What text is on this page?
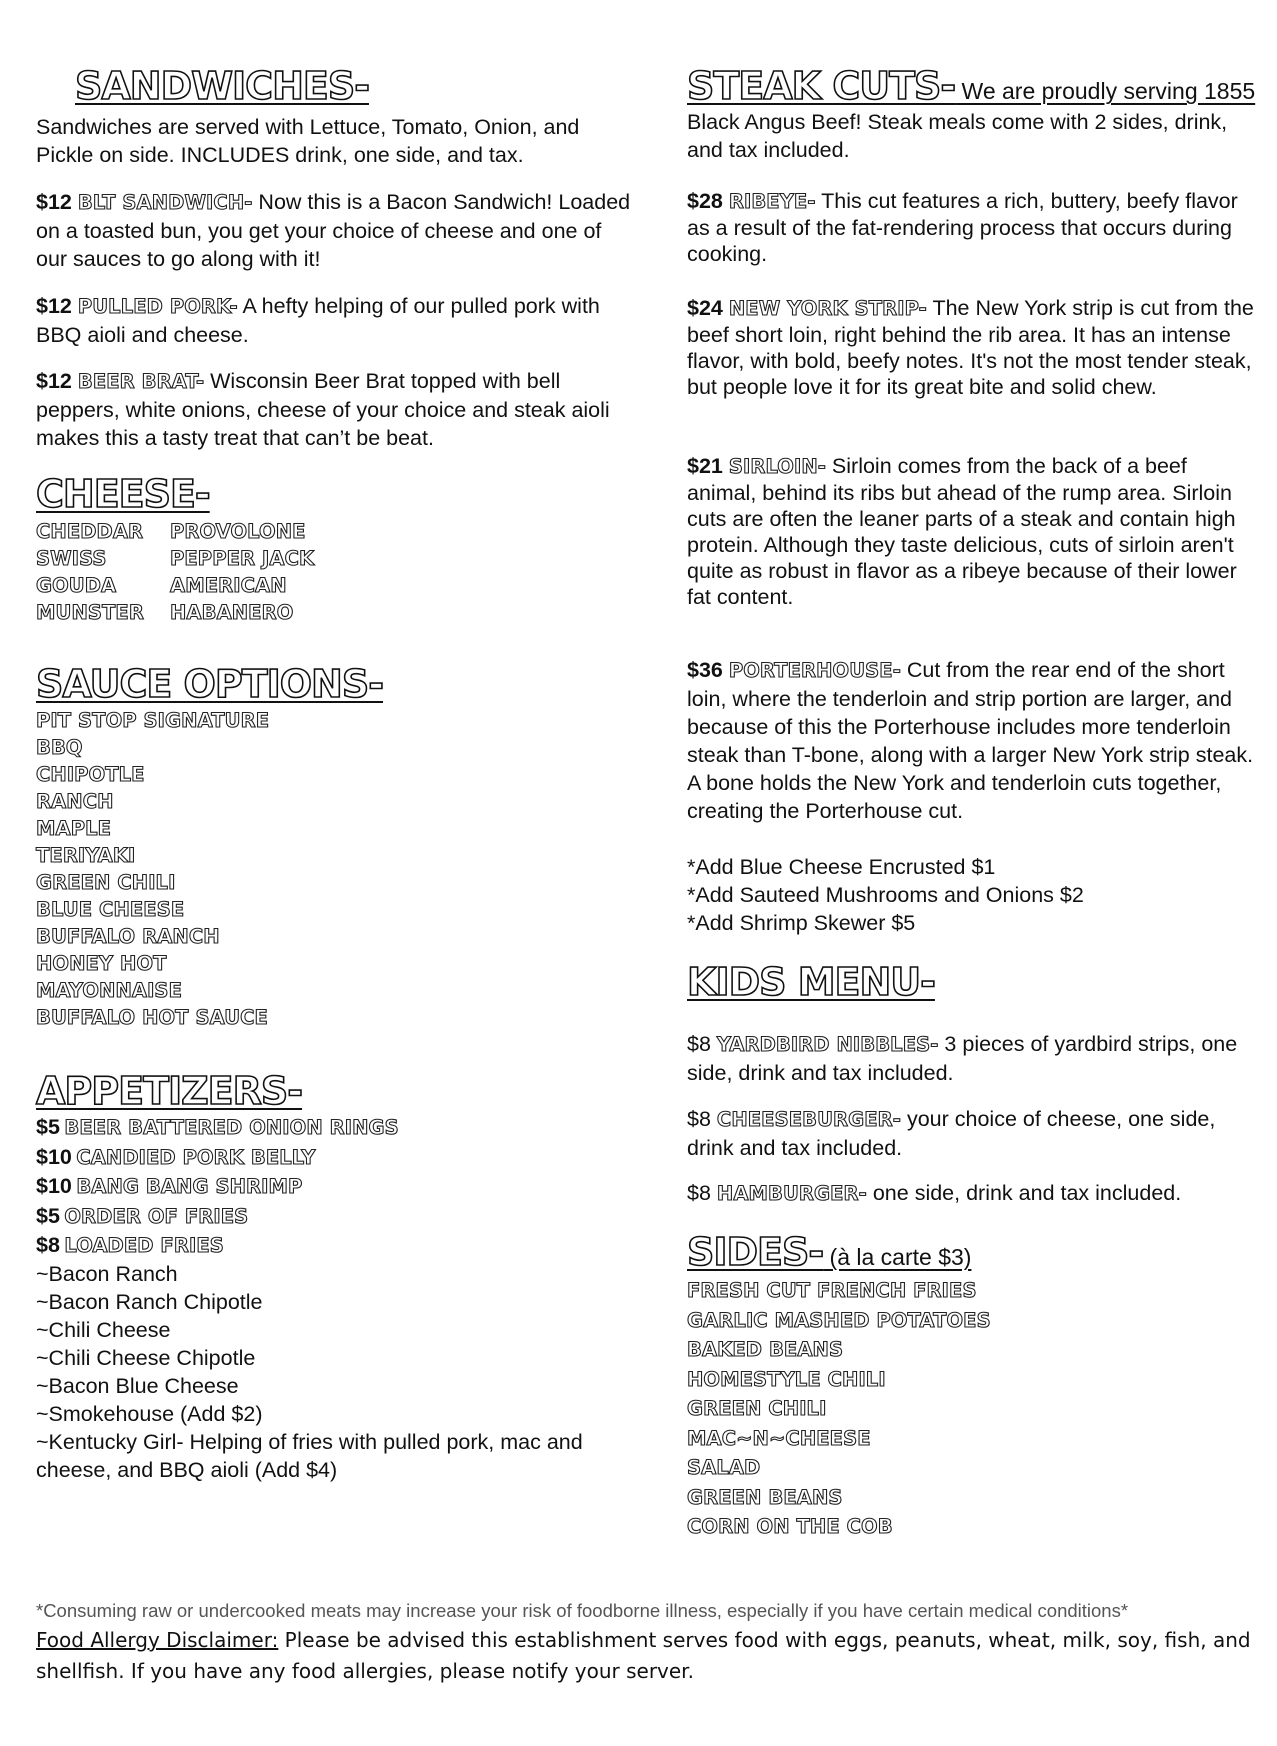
SANDWICHES-
Sandwiches are served with Lettuce, Tomato, Onion, and Pickle on side. INCLUDES drink, one side, and tax.
$12 BLT SANDWICH- Now this is a Bacon Sandwich! Loaded on a toasted bun, you get your choice of cheese and one of our sauces to go along with it!
$12 PULLED PORK- A hefty helping of our pulled pork with BBQ aioli and cheese.
$12 BEER BRAT- Wisconsin Beer Brat topped with bell peppers, white onions, cheese of your choice and steak aioli makes this a tasty treat that can’t be beat.
CHEESE-
CHEDDAR
SWISS
GOUDA
MUNSTER
PROVOLONE
PEPPER JACK
AMERICAN
HABANERO
SAUCE OPTIONS-
PIT STOP SIGNATURE
BBQ
CHIPOTLE
RANCH
MAPLE
TERIYAKI
GREEN CHILI
BLUE CHEESE
BUFFALO RANCH
HONEY HOT
MAYONNAISE
BUFFALO HOT SAUCE
APPETIZERS-
$5 BEER BATTERED ONION RINGS
$10 CANDIED PORK BELLY
$10 BANG BANG SHRIMP
$5 ORDER OF FRIES
$8 LOADED FRIES
~Bacon Ranch
~Bacon Ranch Chipotle
~Chili Cheese
~Chili Cheese Chipotle
~Bacon Blue Cheese
~Smokehouse (Add $2)
~Kentucky Girl- Helping of fries with pulled pork, mac and cheese, and BBQ aioli (Add $4)
STEAK CUTS- We are proudly serving 1855
Black Angus Beef! Steak meals come with 2 sides, drink, and tax included.
$28 RIBEYE- This cut features a rich, buttery, beefy flavor as a result of the fat-rendering process that occurs during cooking.
$24 NEW YORK STRIP- The New York strip is cut from the beef short loin, right behind the rib area. It has an intense flavor, with bold, beefy notes. It's not the most tender steak, but people love it for its great bite and solid chew.
$21 SIRLOIN- Sirloin comes from the back of a beef animal, behind its ribs but ahead of the rump area. Sirloin cuts are often the leaner parts of a steak and contain high protein. Although they taste delicious, cuts of sirloin aren't quite as robust in flavor as a ribeye because of their lower fat content.
$36 PORTERHOUSE- Cut from the rear end of the short loin, where the tenderloin and strip portion are larger, and because of this the Porterhouse includes more tenderloin steak than T-bone, along with a larger New York strip steak. A bone holds the New York and tenderloin cuts together, creating the Porterhouse cut.
*Add Blue Cheese Encrusted $1
*Add Sauteed Mushrooms and Onions $2
*Add Shrimp Skewer $5
KIDS MENU-
$8 YARDBIRD NIBBLES- 3 pieces of yardbird strips, one side, drink and tax included.
$8 CHEESEBURGER- your choice of cheese, one side, drink and tax included.
$8 HAMBURGER- one side, drink and tax included.
SIDES- (à la carte $3)
FRESH CUT FRENCH FRIES
GARLIC MASHED POTATOES
BAKED BEANS
HOMESTYLE CHILI
GREEN CHILI
MAC~N~CHEESE
SALAD
GREEN BEANS
CORN ON THE COB
*Consuming raw or undercooked meats may increase your risk of foodborne illness, especially if you have certain medical conditions*
Food Allergy Disclaimer: Please be advised this establishment serves food with eggs, peanuts, wheat, milk, soy, fish, and shellfish. If you have any food allergies, please notify your server.
